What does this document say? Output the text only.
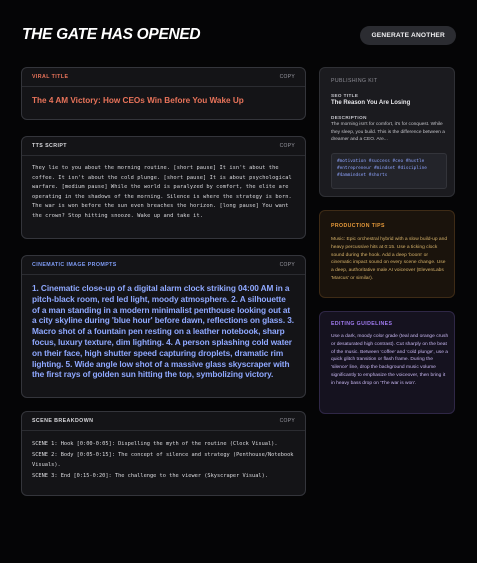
THE GATE HAS OPENED	GENERATE ANOTHER
VIRAL TITLE	COPY
The 4 AM Victory: How CEOs Win Before You Wake Up
TTS SCRIPT	COPY
They lie to you about the morning routine. [short pause] It isn't about the coffee. It isn't about the cold plunge. [short pause] It is about psychological warfare. [medium pause] While the world is paralyzed by comfort, the elite are operating in the shadows of the morning. Silence is where the strategy is born. The war is won before the sun even breaches the horizon. [long pause] You want the crown? Stop hitting snooze. Wake up and take it.
CINEMATIC IMAGE PROMPTS	COPY
1. Cinematic close-up of a digital alarm clock striking 04:00 AM in a pitch-black room, red led light, moody atmosphere. 2. A silhouette of a man standing in a modern minimalist penthouse looking out at a city skyline during 'blue hour' before dawn, reflections on glass. 3. Macro shot of a fountain pen resting on a leather notebook, sharp focus, luxury texture, dim lighting. 4. A person splashing cold water on their face, high shutter speed capturing droplets, dramatic rim lighting. 5. Wide angle low shot of a massive glass skyscraper with the first rays of golden sun hitting the top, symbolizing victory.
SCENE BREAKDOWN	COPY
SCENE 1: Hook [0:00-0:05]: Dispelling the myth of the routine (Clock Visual).
SCENE 2: Body [0:05-0:15]: The concept of silence and strategy (Penthouse/Notebook Visuals).
SCENE 3: End [0:15-0:20]: The challenge to the viewer (Skyscraper Visual).
PUBLISHING KIT
SEO TITLE
The Reason You Are Losing
DESCRIPTION
The morning isn't for comfort, it's for conquest. While they sleep, you build. This is the difference between a dreamer and a CEO. Are...
#motivation #success #ceo #hustle #entrepreneur #mindset #discipline #4ammindset #shorts
PRODUCTION TIPS
Music: Epic orchestral hybrid with a slow build-up and heavy percussive hits at 0:15. Use a ticking clock sound during the hook. Add a deep 'boom' or cinematic impact sound on every scene change. Use a deep, authoritative male AI voiceover (ElevenLabs 'Marcus' or similar).
EDITING GUIDELINES
Use a dark, moody color grade (teal and orange crush or desaturated high contrast). Cut sharply on the beat of the music. Between 'coffee' and 'cold plunge', use a quick glitch transition or flash frame. During the 'silence' line, drop the background music volume significantly to emphasize the voiceover, then bring it in heavy bass drop on 'The war is won'.
